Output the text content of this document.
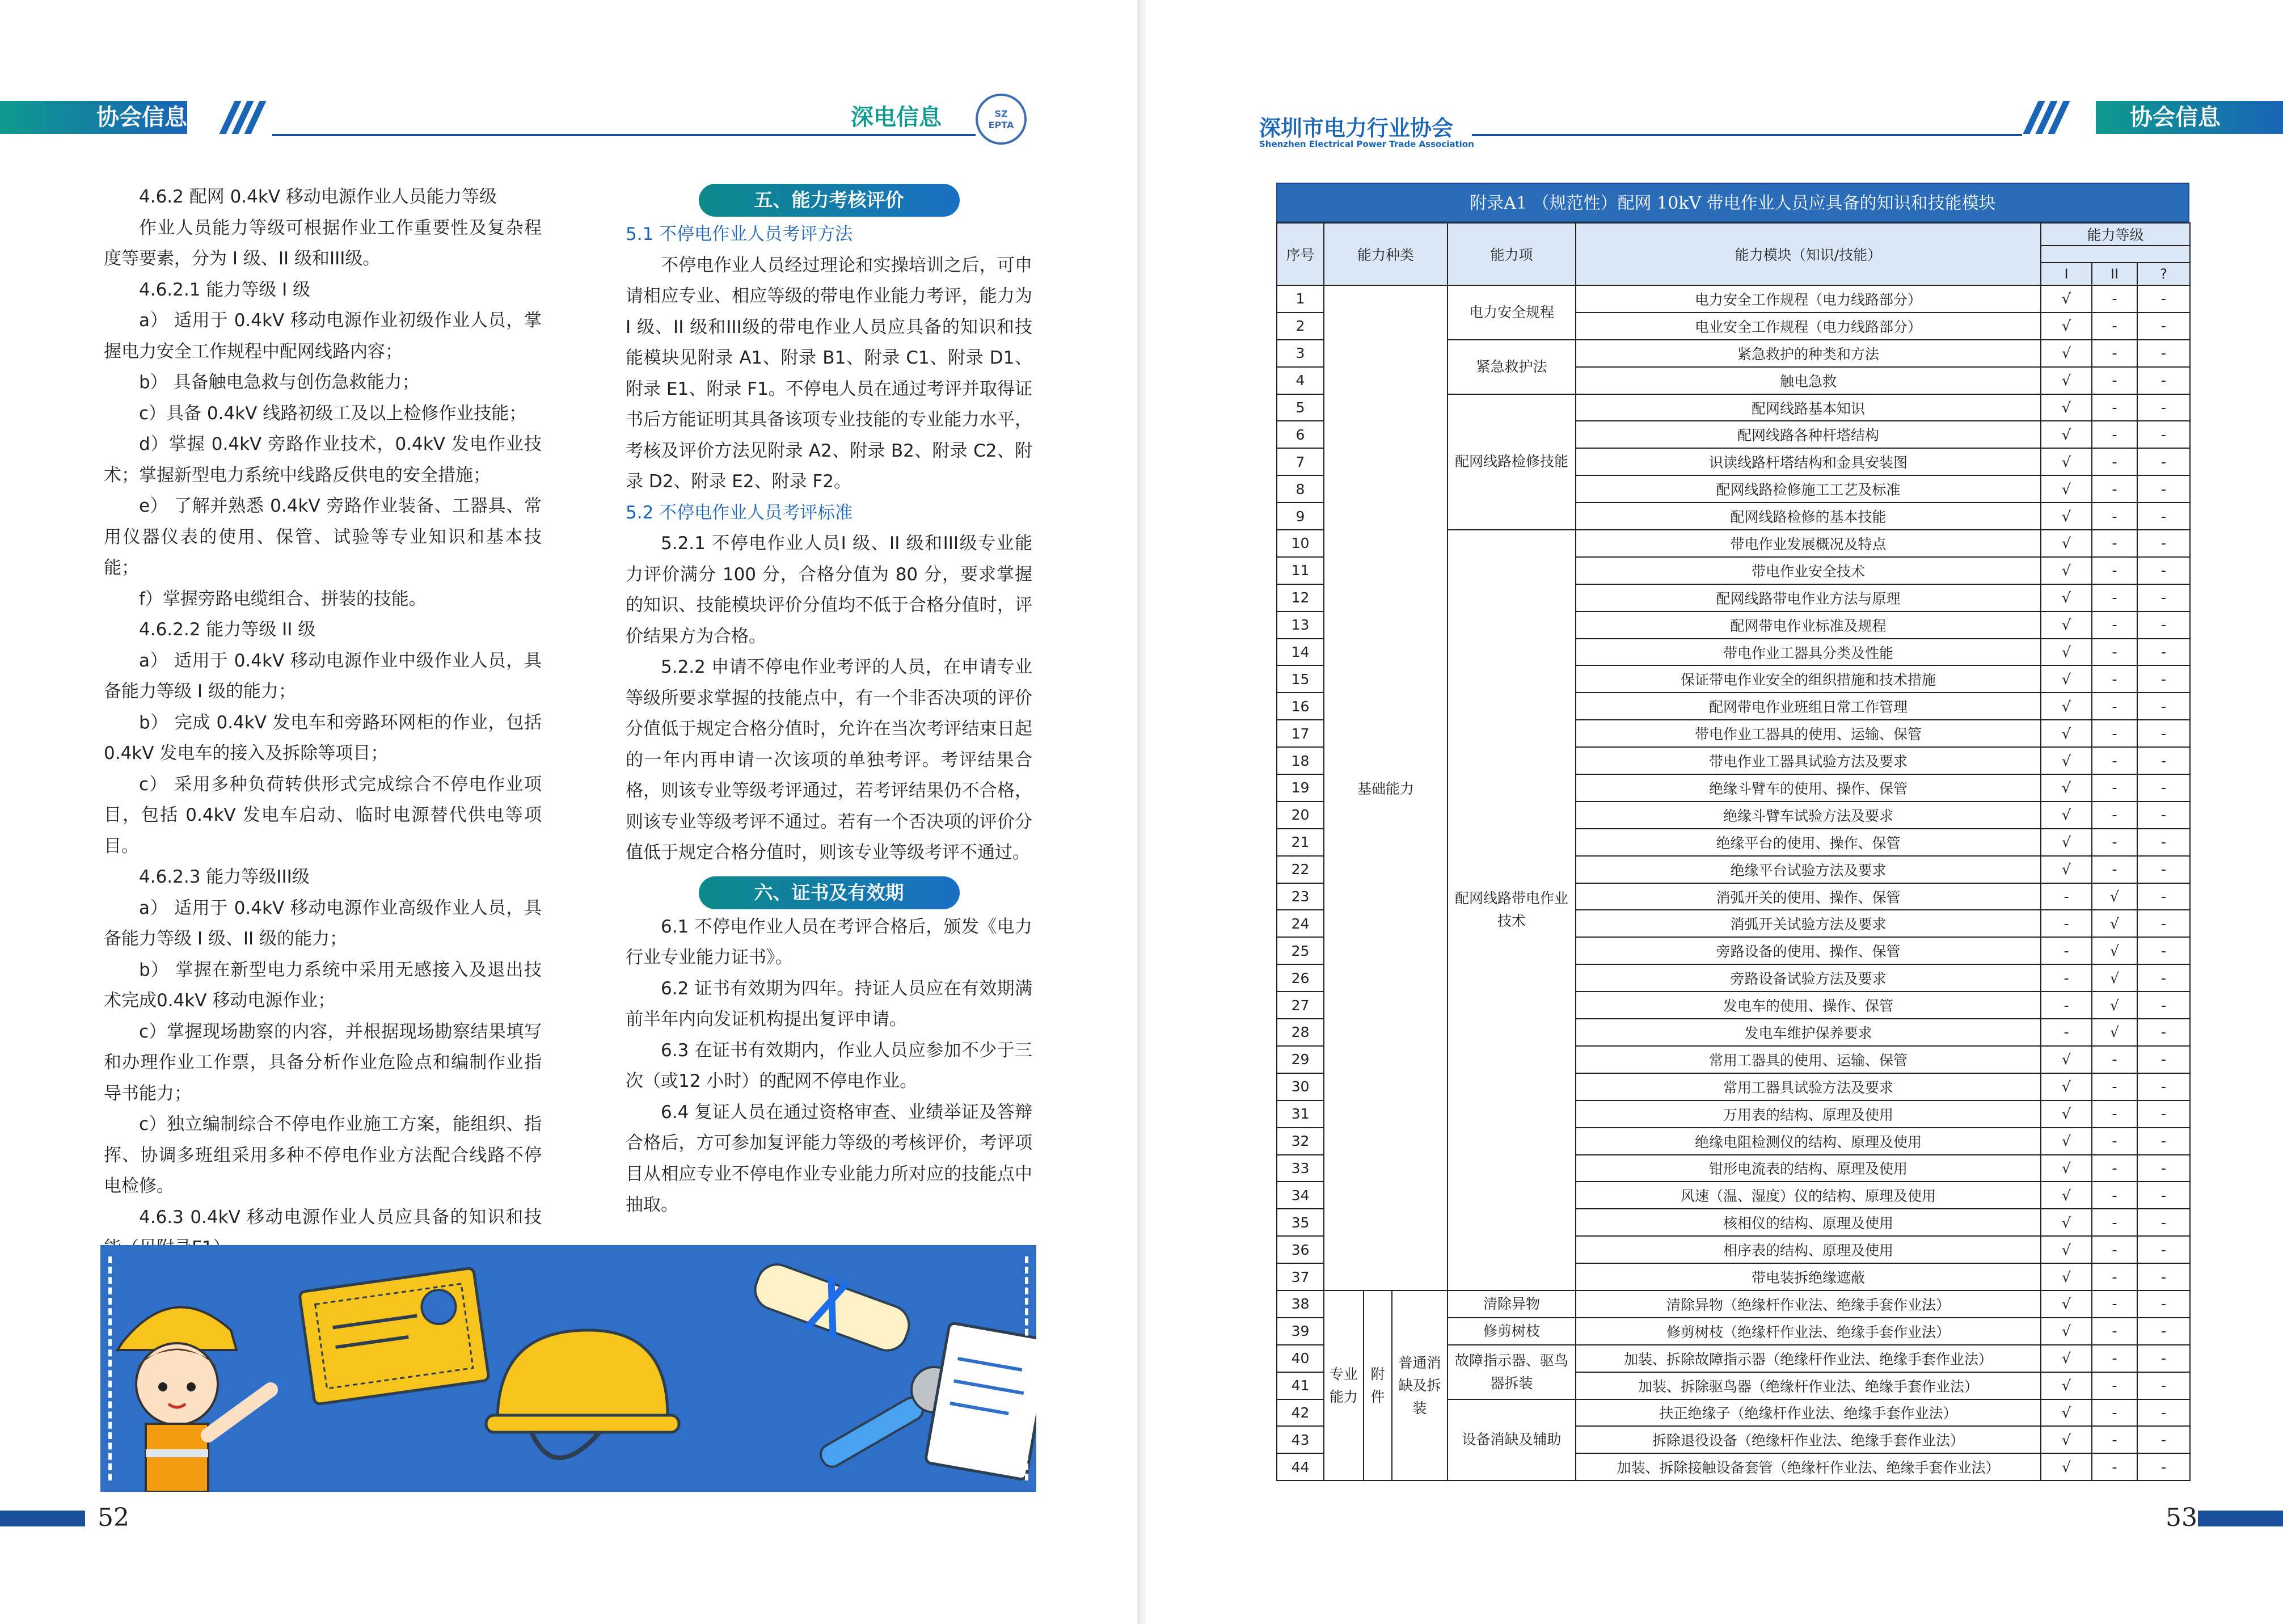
协会信息	深电信息	SZ
EPTA
4.6.2 配网 0.4kV 移动电源作业人员能力等级
作业人员能力等级可根据作业工作重要性及复杂程度等要素，分为 I 级、II 级和III级。
4.6.2.1 能力等级 I 级
a） 适用于 0.4kV 移动电源作业初级作业人员，掌握电力安全工作规程中配网线路内容；
b） 具备触电急救与创伤急救能力；
c）具备 0.4kV 线路初级工及以上检修作业技能；
d）掌握 0.4kV 旁路作业技术，0.4kV 发电作业技术；掌握新型电力系统中线路反供电的安全措施；
e） 了解并熟悉 0.4kV 旁路作业装备、工器具、常用仪器仪表的使用、保管、试验等专业知识和基本技能；
f）掌握旁路电缆组合、拼装的技能。
4.6.2.2 能力等级 II 级
a） 适用于 0.4kV 移动电源作业中级作业人员，具备能力等级 I 级的能力；
b） 完成 0.4kV 发电车和旁路环网柜的作业，包括 0.4kV 发电车的接入及拆除等项目；
c） 采用多种负荷转供形式完成综合不停电作业项目，包括 0.4kV 发电车启动、临时电源替代供电等项目。
4.6.2.3 能力等级III级
a） 适用于 0.4kV 移动电源作业高级作业人员，具备能力等级 I 级、II 级的能力；
b） 掌握在新型电力系统中采用无感接入及退出技术完成0.4kV 移动电源作业；
c）掌握现场勘察的内容，并根据现场勘察结果填写和办理作业工作票，具备分析作业危险点和编制作业指导书能力；
c）独立编制综合不停电作业施工方案，能组织、指挥、协调多班组采用多种不停电作业方法配合线路不停电检修。
4.6.3 0.4kV 移动电源作业人员应具备的知识和技
五、能力考核评价
5.1 不停电作业人员考评方法
不停电作业人员经过理论和实操培训之后，可申请相应专业、相应等级的带电作业能力考评，能力为 I 级、II 级和III级的带电作业人员应具备的知识和技能模块见附录 A1、附录 B1、附录 C1、附录 D1、附录 E1、附录 F1。不停电人员在通过考评并取得证书后方能证明其具备该项专业技能的专业能力水平，考核及评价方法见附录 A2、附录 B2、附录 C2、附录 D2、附录 E2、附录 F2。
5.2 不停电作业人员考评标准
5.2.1 不停电作业人员I 级、II 级和III级专业能力评价满分 100 分，合格分值为 80 分，要求掌握的知识、技能模块评价分值均不低于合格分值时，评价结果方为合格。
5.2.2 申请不停电作业考评的人员，在申请专业等级所要求掌握的技能点中，有一个非否决项的评价分值低于规定合格分值时，允许在当次考评结束日起的一年内再申请一次该项的单独考评。考评结果合格，则该专业等级考评通过，若考评结果仍不合格，则该专业等级考评不通过。若有一个否决项的评价分值低于规定合格分值时，则该专业等级考评不通过。
六、证书及有效期
6.1 不停电作业人员在考评合格后，颁发《电力行业专业能力证书》。
6.2 证书有效期为四年。持证人员应在有效期满前半年内向发证机构提出复评申请。
6.3 在证书有效期内，作业人员应参加不少于三次（或12 小时）的配网不停电作业。
6.4 复证人员在通过资格审查、业绩举证及答辩合格后，方可参加复评能力等级的考核评价，考评项目从相应专业不停电作业专业能力所对应的技能点中抽取。
52
深圳市电力行业协会
Shenzhen Electrical Power Trade Association
协会信息
附录A1 （规范性）配网 10kV 带电作业人员应具备的知识和技能模块
序号	能力种类			能力项	能力模块（知识/技能）	能力等级		

						I	II	?
1	基础能力			电力安全规程	电力安全工作规程（电力线路部分）	√	-	-
2					电业安全工作规程（电力线路部分）	√	-	-
3				紧急救护法	紧急救护的种类和方法	√	-	-
4					触电急救	√	-	-
5				配网线路检修技能	配网线路基本知识	√	-	-
6					配网线路各种杆塔结构	√	-	-
7					识读线路杆塔结构和金具安装图	√	-	-
8					配网线路检修施工工艺及标准	√	-	-
9					配网线路检修的基本技能	√	-	-
10				配网线路带电作业技术	带电作业发展概况及特点	√	-	-
11					带电作业安全技术	√	-	-
12					配网线路带电作业方法与原理	√	-	-
13					配网带电作业标准及规程	√	-	-
14					带电作业工器具分类及性能	√	-	-
15					保证带电作业安全的组织措施和技术措施	√	-	-
16					配网带电作业班组日常工作管理	√	-	-
17					带电作业工器具的使用、运输、保管	√	-	-
18					带电作业工器具试验方法及要求	√	-	-
19					绝缘斗臂车的使用、操作、保管	√	-	-
20					绝缘斗臂车试验方法及要求	√	-	-
21					绝缘平台的使用、操作、保管	√	-	-
22					绝缘平台试验方法及要求	√	-	-
23					消弧开关的使用、操作、保管	-	√	-
24					消弧开关试验方法及要求	-	√	-
25					旁路设备的使用、操作、保管	-	√	-
26					旁路设备试验方法及要求	-	√	-
27					发电车的使用、操作、保管	-	√	-
28					发电车维护保养要求	-	√	-
29					常用工器具的使用、运输、保管	√	-	-
30					常用工器具试验方法及要求	√	-	-
31					万用表的结构、原理及使用	√	-	-
32					绝缘电阻检测仪的结构、原理及使用	√	-	-
33					钳形电流表的结构、原理及使用	√	-	-
34					风速（温、湿度）仪的结构、原理及使用	√	-	-
35					核相仪的结构、原理及使用	√	-	-
36					相序表的结构、原理及使用	√	-	-
37					带电装拆绝缘遮蔽	√	-	-
38	专业能力	附件	普通消缺及拆装	清除异物	清除异物（绝缘杆作业法、绝缘手套作业法）	√	-	-
39				修剪树枝	修剪树枝（绝缘杆作业法、绝缘手套作业法）	√	-	-
40				故障指示器、驱鸟器拆装	加装、拆除故障指示器（绝缘杆作业法、绝缘手套作业法）	√	-	-
41					加装、拆除驱鸟器（绝缘杆作业法、绝缘手套作业法）	√	-	-
42				设备消缺及辅助	扶正绝缘子（绝缘杆作业法、绝缘手套作业法）	√	-	-
43					拆除退役设备（绝缘杆作业法、绝缘手套作业法）	√	-	-
44					加装、拆除接触设备套管（绝缘杆作业法、绝缘手套作业法）	√	-	-
53
